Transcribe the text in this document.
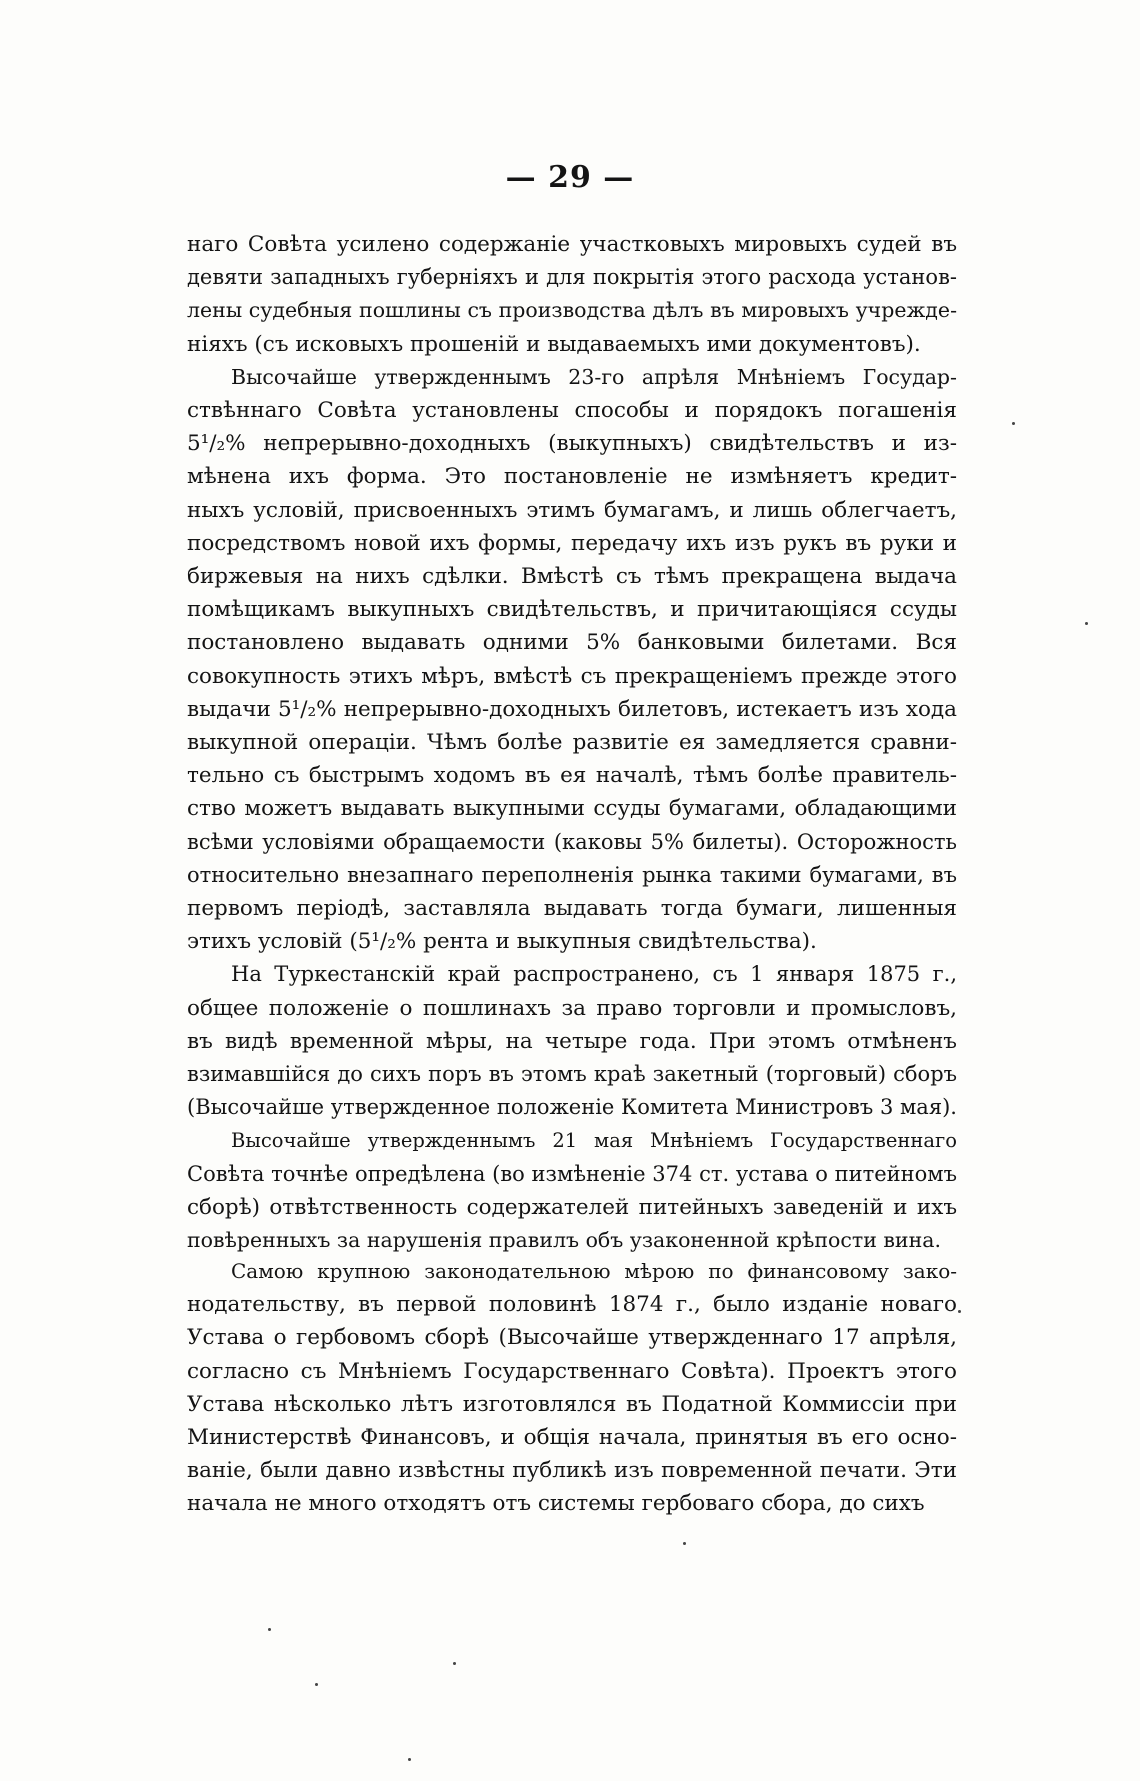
— 29 —
наго Совѣта усилено содержаніе участковыхъ мировыхъ судей въ
девяти западныхъ губерніяхъ и для покрытія этого расхода установ-
лены судебныя пошлины съ производства дѣлъ въ мировыхъ учрежде-
ніяхъ (съ исковыхъ прошеній и выдаваемыхъ ими документовъ).
Высочайше утвержденнымъ 23-го апрѣля Мнѣніемъ Государ-
ствѣннаго Совѣта установлены способы и порядокъ погашенія
5¹/₂% непрерывно-доходныхъ (выкупныхъ) свидѣтельствъ и из-
мѣнена ихъ форма. Это постановленіе не измѣняетъ кредит-
ныхъ условій, присвоенныхъ этимъ бумагамъ, и лишь облегчаетъ,
посредствомъ новой ихъ формы, передачу ихъ изъ рукъ въ руки и
биржевыя на нихъ сдѣлки. Вмѣстѣ съ тѣмъ прекращена выдача
помѣщикамъ выкупныхъ свидѣтельствъ, и причитающіяся ссуды
постановлено выдавать одними 5% банковыми билетами. Вся
совокупность этихъ мѣръ, вмѣстѣ съ прекращеніемъ прежде этого
выдачи 5¹/₂% непрерывно-доходныхъ билетовъ, истекаетъ изъ хода
выкупной операціи. Чѣмъ болѣе развитіе ея замедляется сравни-
тельно съ быстрымъ ходомъ въ ея началѣ, тѣмъ болѣе правитель-
ство можетъ выдавать выкупными ссуды бумагами, обладающими
всѣми условіями обращаемости (каковы 5% билеты). Осторожность
относительно внезапнаго переполненія рынка такими бумагами, въ
первомъ періодѣ, заставляла выдавать тогда бумаги, лишенныя
этихъ условій (5¹/₂% рента и выкупныя свидѣтельства).
На Туркестанскій край распространено, съ 1 января 1875 г.,
общее положеніе о пошлинахъ за право торговли и промысловъ,
въ видѣ временной мѣры, на четыре года. При этомъ отмѣненъ
взимавшійся до сихъ поръ въ этомъ краѣ закетный (торговый) сборъ
(Высочайше утвержденное положеніе Комитета Министровъ 3 мая).
Высочайше утвержденнымъ 21 мая Мнѣніемъ Государственнаго
Совѣта точнѣе опредѣлена (во измѣненіе 374 ст. устава о питейномъ
сборѣ) отвѣтственность содержателей питейныхъ заведеній и ихъ
повѣренныхъ за нарушенія правилъ объ узаконенной крѣпости вина.
Самою крупною законодательною мѣрою по финансовому зако-
нодательству, въ первой половинѣ 1874 г., было изданіе новаго
Устава о гербовомъ сборѣ (Высочайше утвержденнаго 17 апрѣля,
согласно съ Мнѣніемъ Государственнаго Совѣта). Проектъ этого
Устава нѣсколько лѣтъ изготовлялся въ Податной Коммиссіи при
Министерствѣ Финансовъ, и общія начала, принятыя въ его осно-
ваніе, были давно извѣстны публикѣ изъ повременной печати. Эти
начала не много отходятъ отъ системы гербоваго сбора, до сихъ
